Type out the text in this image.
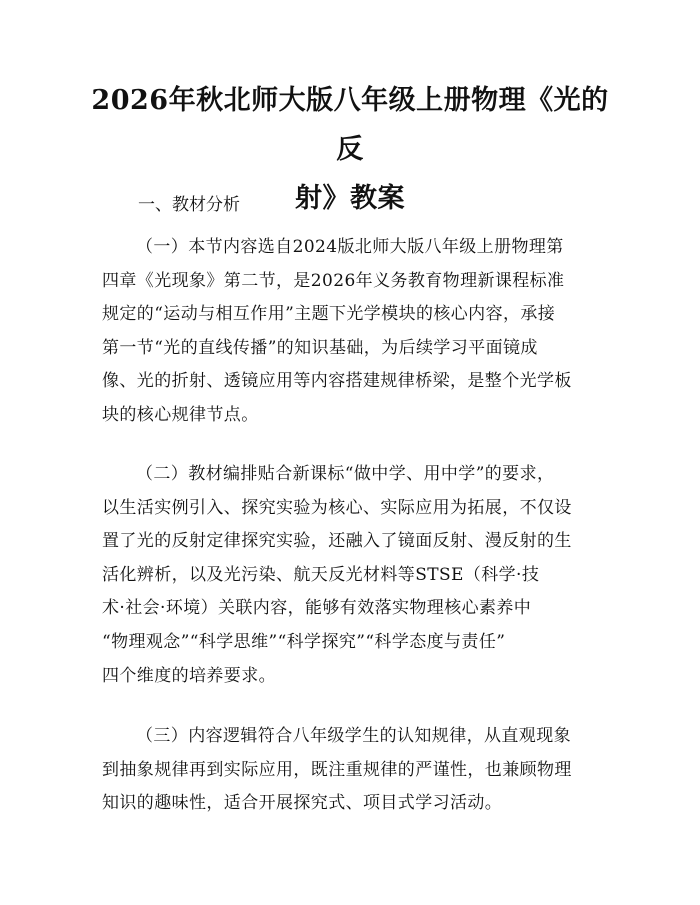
2026年秋北师大版八年级上册物理《光的反
射》教案
一、教材分析

（一）本节内容选自2024版北师大版八年级上册物理第
四章《光现象》第二节，是2026年义务教育物理新课程标准
规定的“运动与相互作用”主题下光学模块的核心内容，承接
第一节“光的直线传播”的知识基础，为后续学习平面镜成
像、光的折射、透镜应用等内容搭建规律桥梁，是整个光学板
块的核心规律节点。

（二）教材编排贴合新课标“做中学、用中学”的要求，
以生活实例引入、探究实验为核心、实际应用为拓展，不仅设
置了光的反射定律探究实验，还融入了镜面反射、漫反射的生
活化辨析，以及光污染、航天反光材料等STSE（科学·技
术·社会·环境）关联内容，能够有效落实物理核心素养中
“物理观念”“科学思维”“科学探究”“科学态度与责任”
四个维度的培养要求。

（三）内容逻辑符合八年级学生的认知规律，从直观现象
到抽象规律再到实际应用，既注重规律的严谨性，也兼顾物理
知识的趣味性，适合开展探究式、项目式学习活动。
